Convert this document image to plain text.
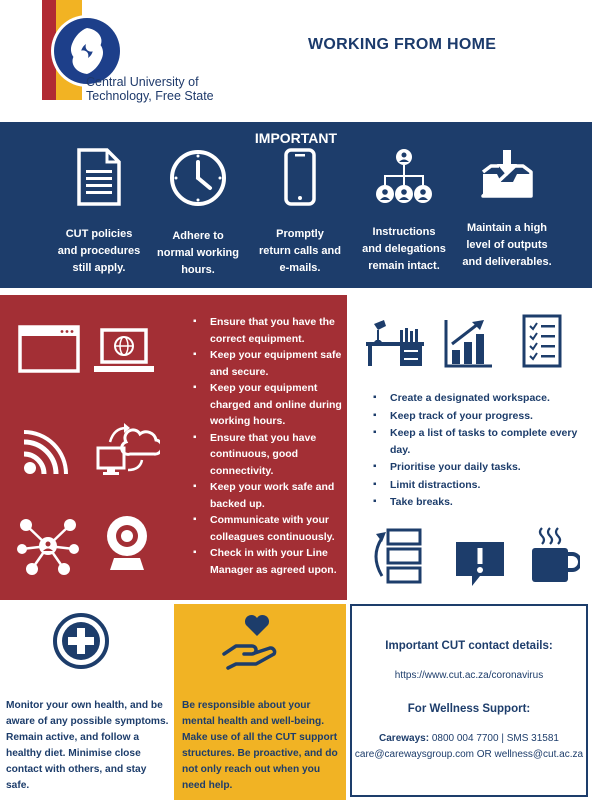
Central University of
Technology, Free State
WORKING FROM HOME
IMPORTANT
CUT policies
and procedures
still apply.
Adhere to
normal working
hours.
Promptly
return calls and
e-mails.
Instructions
and delegations
remain intact.
Maintain a high
level of outputs
and deliverables.
▪ Ensure that you have the correct equipment.
▪ Keep your equipment safe and secure.
▪ Keep your equipment charged and online during working hours.
▪ Ensure that you have continuous, good connectivity.
▪ Keep your work safe and backed up.
▪ Communicate with your colleagues continuously.
▪ Check in with your Line Manager as agreed upon.
▪ Create a designated workspace.
▪ Keep track of your progress.
▪ Keep a list of tasks to complete every day.
▪ Prioritise your daily tasks.
▪ Limit distractions.
▪ Take breaks.
Monitor your own health, and be aware of any possible symptoms. Remain active, and follow a healthy diet. Minimise close contact with others, and stay safe.
Be responsible about your mental health and well-being. Make use of all the CUT support structures. Be proactive, and do not only reach out when you need help.
Important CUT contact details:
https://www.cut.ac.za/coronavirus
For Wellness Support:
Careways: 0800 004 7700 | SMS 31581
care@carewaysgroup.com OR wellness@cut.ac.za
